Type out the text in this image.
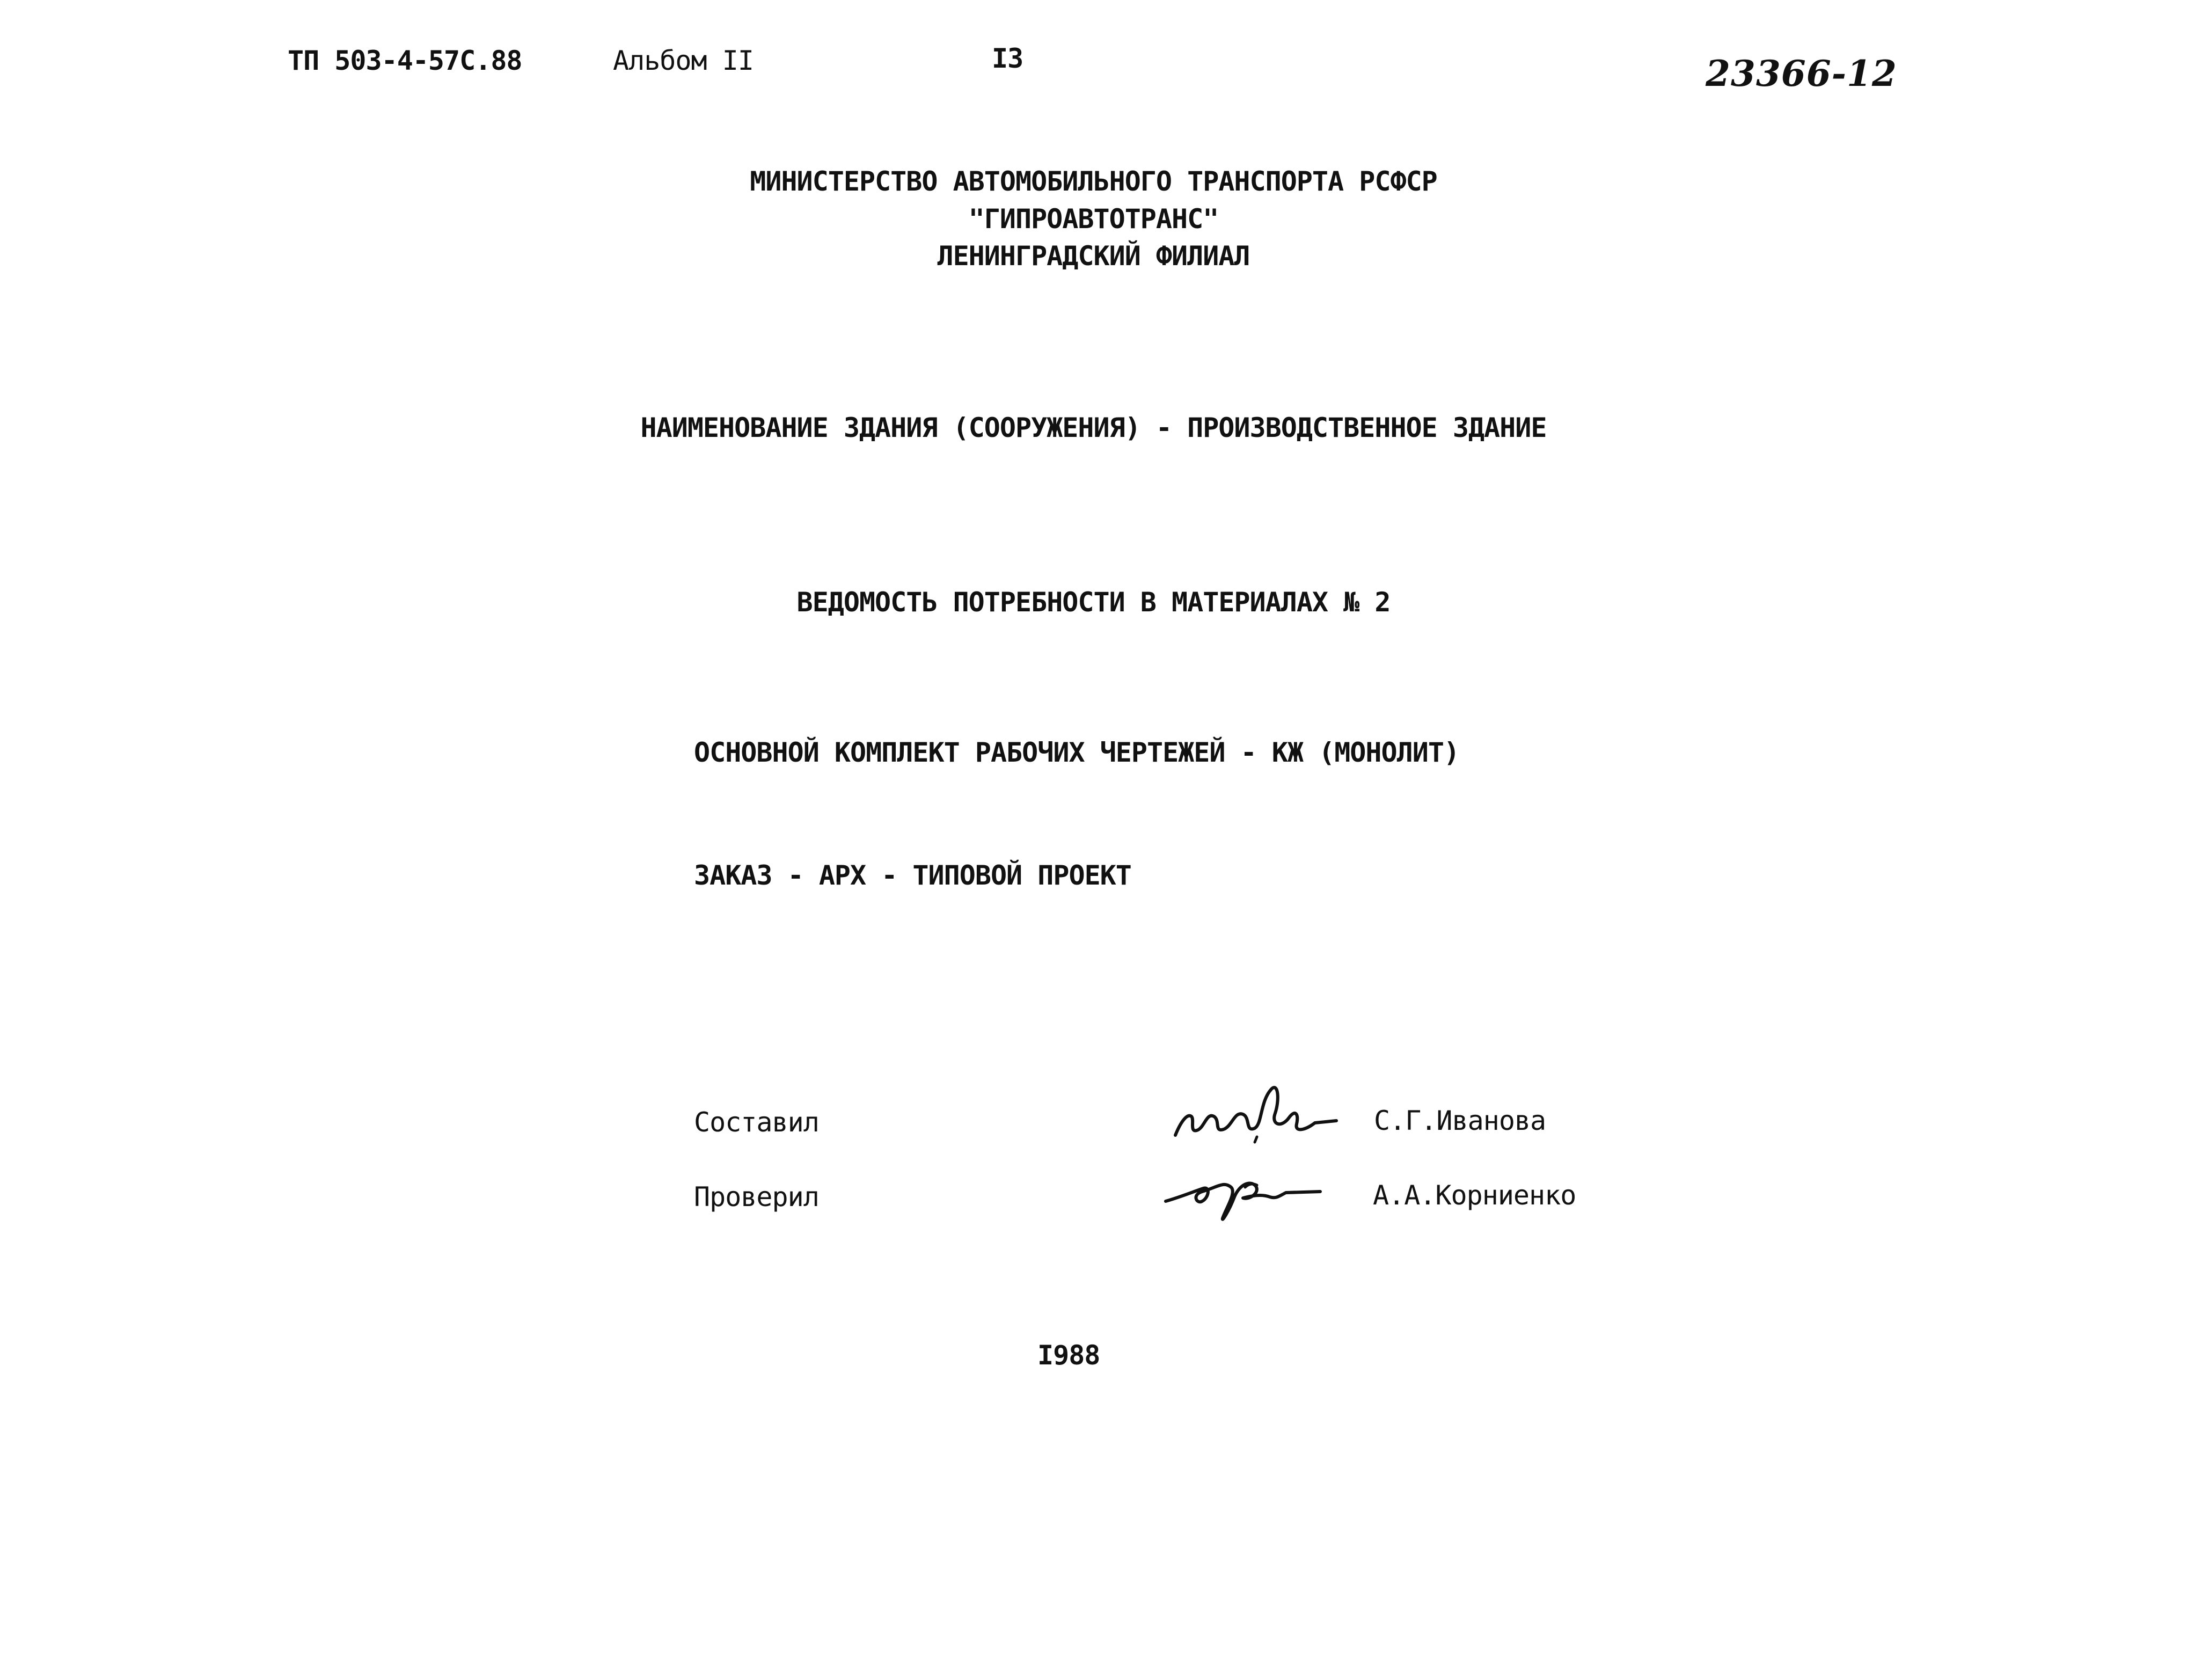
ТП 503-4-57С.88	Альбом II	I3	23366-12
МИНИСТЕРСТВО АВТОМОБИЛЬНОГО ТРАНСПОРТА РСФСР
"ГИПРОАВТОТРАНС"
ЛЕНИНГРАДСКИЙ ФИЛИАЛ
НАИМЕНОВАНИЕ ЗДАНИЯ (СООРУЖЕНИЯ) - ПРОИЗВОДСТВЕННОЕ ЗДАНИЕ
ВЕДОМОСТЬ ПОТРЕБНОСТИ В МАТЕРИАЛАХ № 2
ОСНОВНОЙ КОМПЛЕКТ РАБОЧИХ ЧЕРТЕЖЕЙ - КЖ (МОНОЛИТ)
ЗАКАЗ - АРХ - ТИПОВОЙ ПРОЕКТ
Составил	С.Г.Иванова
Проверил	А.А.Корниенко
I988
